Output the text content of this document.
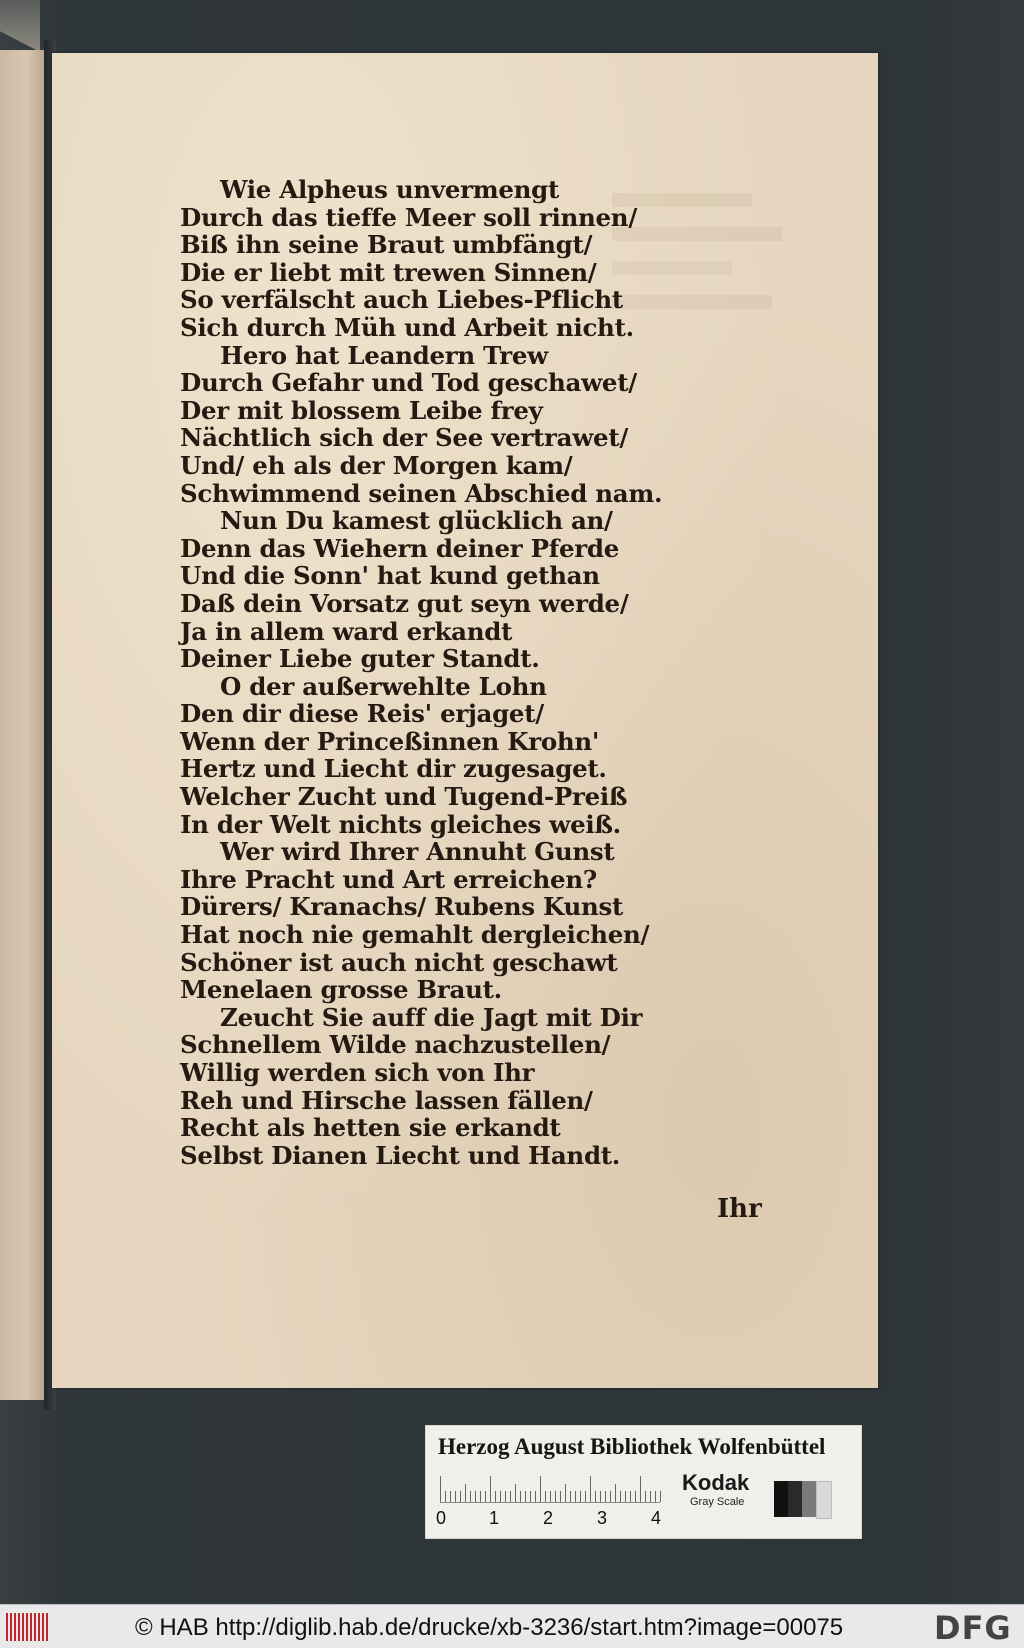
Wie Alpheus unvermengt
Durch das tieffe Meer soll rinnen/
Biß ihn seine Braut umbfängt/
Die er liebt mit trewen Sinnen/
So verfälscht auch Liebes-Pflicht
Sich durch Müh und Arbeit nicht.
Hero hat Leandern Trew
Durch Gefahr und Tod geschawet/
Der mit blossem Leibe frey
Nächtlich sich der See vertrawet/
Und/ eh als der Morgen kam/
Schwimmend seinen Abschied nam.
Nun Du kamest glücklich an/
Denn das Wiehern deiner Pferde
Und die Sonn' hat kund gethan
Daß dein Vorsatz gut seyn werde/
Ja in allem ward erkandt
Deiner Liebe guter Standt.
O der außerwehlte Lohn
Den dir diese Reis' erjaget/
Wenn der Princeßinnen Krohn'
Hertz und Liecht dir zugesaget.
Welcher Zucht und Tugend-Preiß
In der Welt nichts gleiches weiß.
Wer wird Ihrer Annuht Gunst
Ihre Pracht und Art erreichen?
Dürers/ Kranachs/ Rubens Kunst
Hat noch nie gemahlt dergleichen/
Schöner ist auch nicht geschawt
Menelaen grosse Braut.
Zeucht Sie auff die Jagt mit Dir
Schnellem Wilde nachzustellen/
Willig werden sich von Ihr
Reh und Hirsche lassen fällen/
Recht als hetten sie erkandt
Selbst Dianen Liecht und Handt.
Ihr
Herzog August Bibliothek Wolfenbüttel
0 1 2 3 4
Kodak
Gray Scale
© HAB http://diglib.hab.de/drucke/xb-3236/start.htm?image=00075	DFG
